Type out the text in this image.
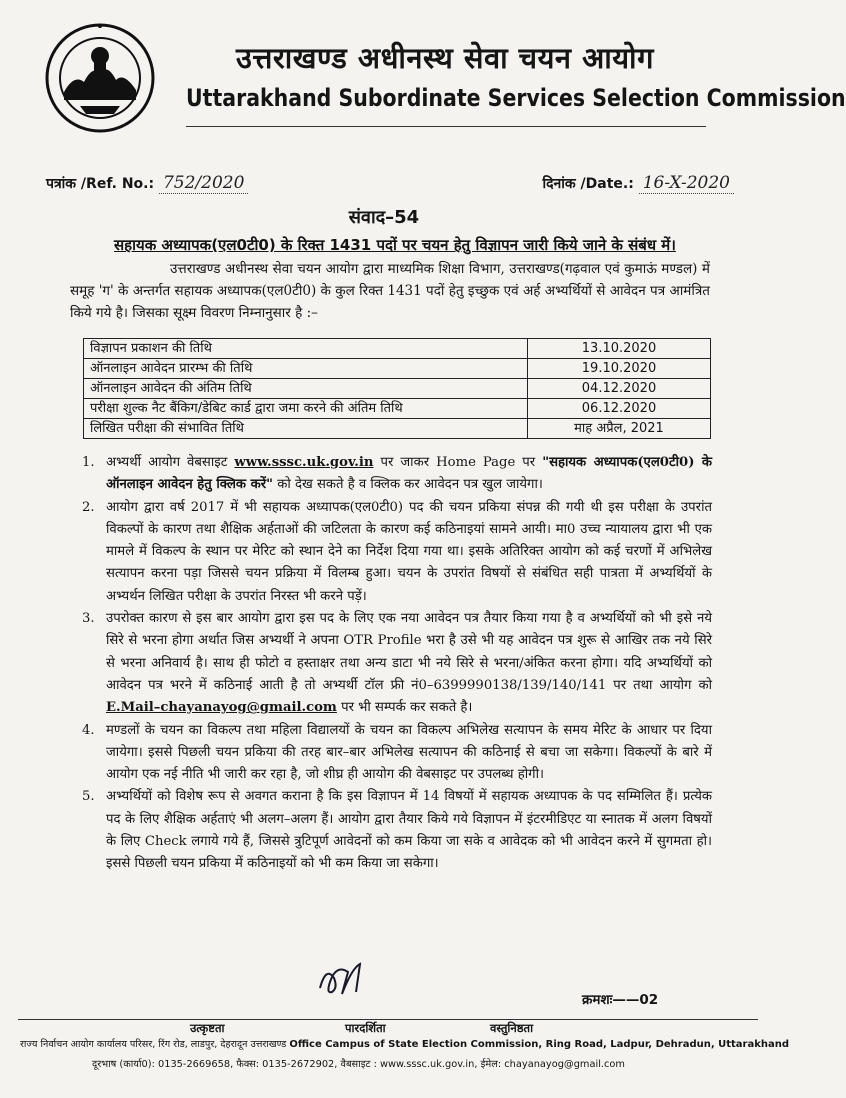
उत्तराखण्ड अधीनस्थ सेवा चयन आयोग
Uttarakhand Subordinate Services Selection Commission
पत्रांक /Ref. No.: 752/2020	दिनांक /Date.: 16-X-2020
संवाद–54
सहायक अध्यापक(एल0टी0) के रिक्त 1431 पदों पर चयन हेतु विज्ञापन जारी किये जाने के संबंध में।
उत्तराखण्ड अधीनस्थ सेवा चयन आयोग द्वारा माध्यमिक शिक्षा विभाग, उत्तराखण्ड(गढ़वाल एवं कुमाऊं मण्डल) में समूह 'ग' के अन्तर्गत सहायक अध्यापक(एल0टी0) के कुल रिक्त 1431 पदों हेतु इच्छुक एवं अर्ह अभ्यर्थियों से आवेदन पत्र आमंत्रित किये गये है। जिसका सूक्ष्म विवरण निम्नानुसार है :–
विज्ञापन प्रकाशन की तिथि	13.10.2020
ऑनलाइन आवेदन प्रारम्भ की तिथि	19.10.2020
ऑनलाइन आवेदन की अंतिम तिथि	04.12.2020
परीक्षा शुल्क नैट बैंकिग/डेबिट कार्ड द्वारा जमा करने की अंतिम तिथि	06.12.2020
लिखित परीक्षा की संभावित तिथि	माह अप्रैल, 2021
1. अभ्यर्थी आयोग वेबसाइट www.sssc.uk.gov.in पर जाकर Home Page पर "सहायक अध्यापक(एल0टी0) के ऑनलाइन आवेदन हेतु क्लिक करें" को देख सकते है व क्लिक कर आवेदन पत्र खुल जायेगा।
2. आयोग द्वारा वर्ष 2017 में भी सहायक अध्यापक(एल0टी0) पद की चयन प्रकिया संपन्न की गयी थी इस परीक्षा के उपरांत विकल्पों के कारण तथा शैक्षिक अर्हताओं की जटिलता के कारण कई कठिनाइयां सामने आयी। मा0 उच्च न्यायालय द्वारा भी एक मामले में विकल्प के स्थान पर मेरिट को स्थान देने का निर्देश दिया गया था। इसके अतिरिक्त आयोग को कई चरणों में अभिलेख सत्यापन करना पड़ा जिससे चयन प्रक्रिया में विलम्ब हुआ। चयन के उपरांत विषयों से संबंधित सही पात्रता में अभ्यर्थियों के अभ्यर्थन लिखित परीक्षा के उपरांत निरस्त भी करने पड़ें।
3. उपरोक्त कारण से इस बार आयोग द्वारा इस पद के लिए एक नया आवेदन पत्र तैयार किया गया है व अभ्यर्थियों को भी इसे नये सिरे से भरना होगा अर्थात जिस अभ्यर्थी ने अपना OTR Profile भरा है उसे भी यह आवेदन पत्र शुरू से आखिर तक नये सिरे से भरना अनिवार्य है। साथ ही फोटो व हस्ताक्षर तथा अन्य डाटा भी नये सिरे से भरना/अंकित करना होगा। यदि अभ्यर्थियों को आवेदन पत्र भरने में कठिनाई आती है तो अभ्यर्थी टॉल फ्री नं0–6399990138/139/140/141 पर तथा आयोग को E.Mail–chayanayog@gmail.com पर भी सम्पर्क कर सकते है।
4. मण्डलों के चयन का विकल्प तथा महिला विद्यालयों के चयन का विकल्प अभिलेख सत्यापन के समय मेरिट के आधार पर दिया जायेगा। इससे पिछली चयन प्रकिया की तरह बार–बार अभिलेख सत्यापन की कठिनाई से बचा जा सकेगा। विकल्पों के बारे में आयोग एक नई नीति भी जारी कर रहा है, जो शीघ्र ही आयोग की वेबसाइट पर उपलब्ध होगी।
5. अभ्यर्थियों को विशेष रूप से अवगत कराना है कि इस विज्ञापन में 14 विषयों में सहायक अध्यापक के पद सम्मिलित हैं। प्रत्येक पद के लिए शैक्षिक अर्हताएं भी अलग–अलग हैं। आयोग द्वारा तैयार किये गये विज्ञापन में इंटरमीडिएट या स्नातक में अलग विषयों के लिए Check लगाये गये हैं, जिससे त्रुटिपूर्ण आवेदनों को कम किया जा सके व आवेदक को भी आवेदन करने में सुगमता हो। इससे पिछली चयन प्रकिया में कठिनाइयों को भी कम किया जा सकेगा।
क्रमशः——02
उत्कृष्टता	पारदर्शिता	वस्तुनिष्ठता
राज्य निर्वाचन आयोग कार्यालय परिसर, रिंग रोड, लाडपुर, देहरादून उत्तराखण्ड Office Campus of State Election Commission, Ring Road, Ladpur, Dehradun, Uttarakhand
दूरभाष (कार्या0): 0135-2669658, फैक्स: 0135-2672902, वैबसाइट : www.sssc.uk.gov.in, ईमेल: chayanayog@gmail.com
